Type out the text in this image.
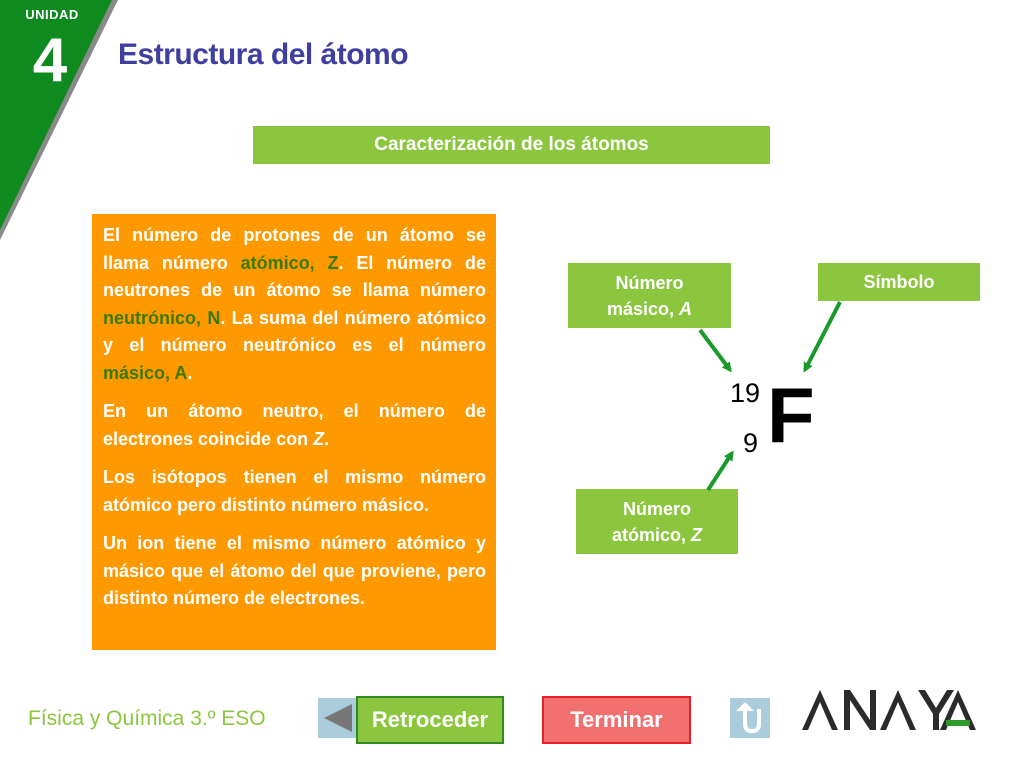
UNIDAD
4	Estructura del átomo
Caracterización de los átomos

El número de protones de un átomo se llama número atómico, Z. El número de neutrones de un átomo se llama número neutrónico, N. La suma del número atómico y el número neutrónico es el número másico, A.

En un átomo neutro, el número de electrones coincide con Z.

Los isótopos tienen el mismo número atómico pero distinto número másico.

Un ion tiene el mismo número atómico y másico que el átomo del que proviene, pero distinto número de electrones.

Número
másico, A
Símbolo
Número
atómico, Z
19
9 F
Física y Química 3.º ESO	Retroceder	Terminar
